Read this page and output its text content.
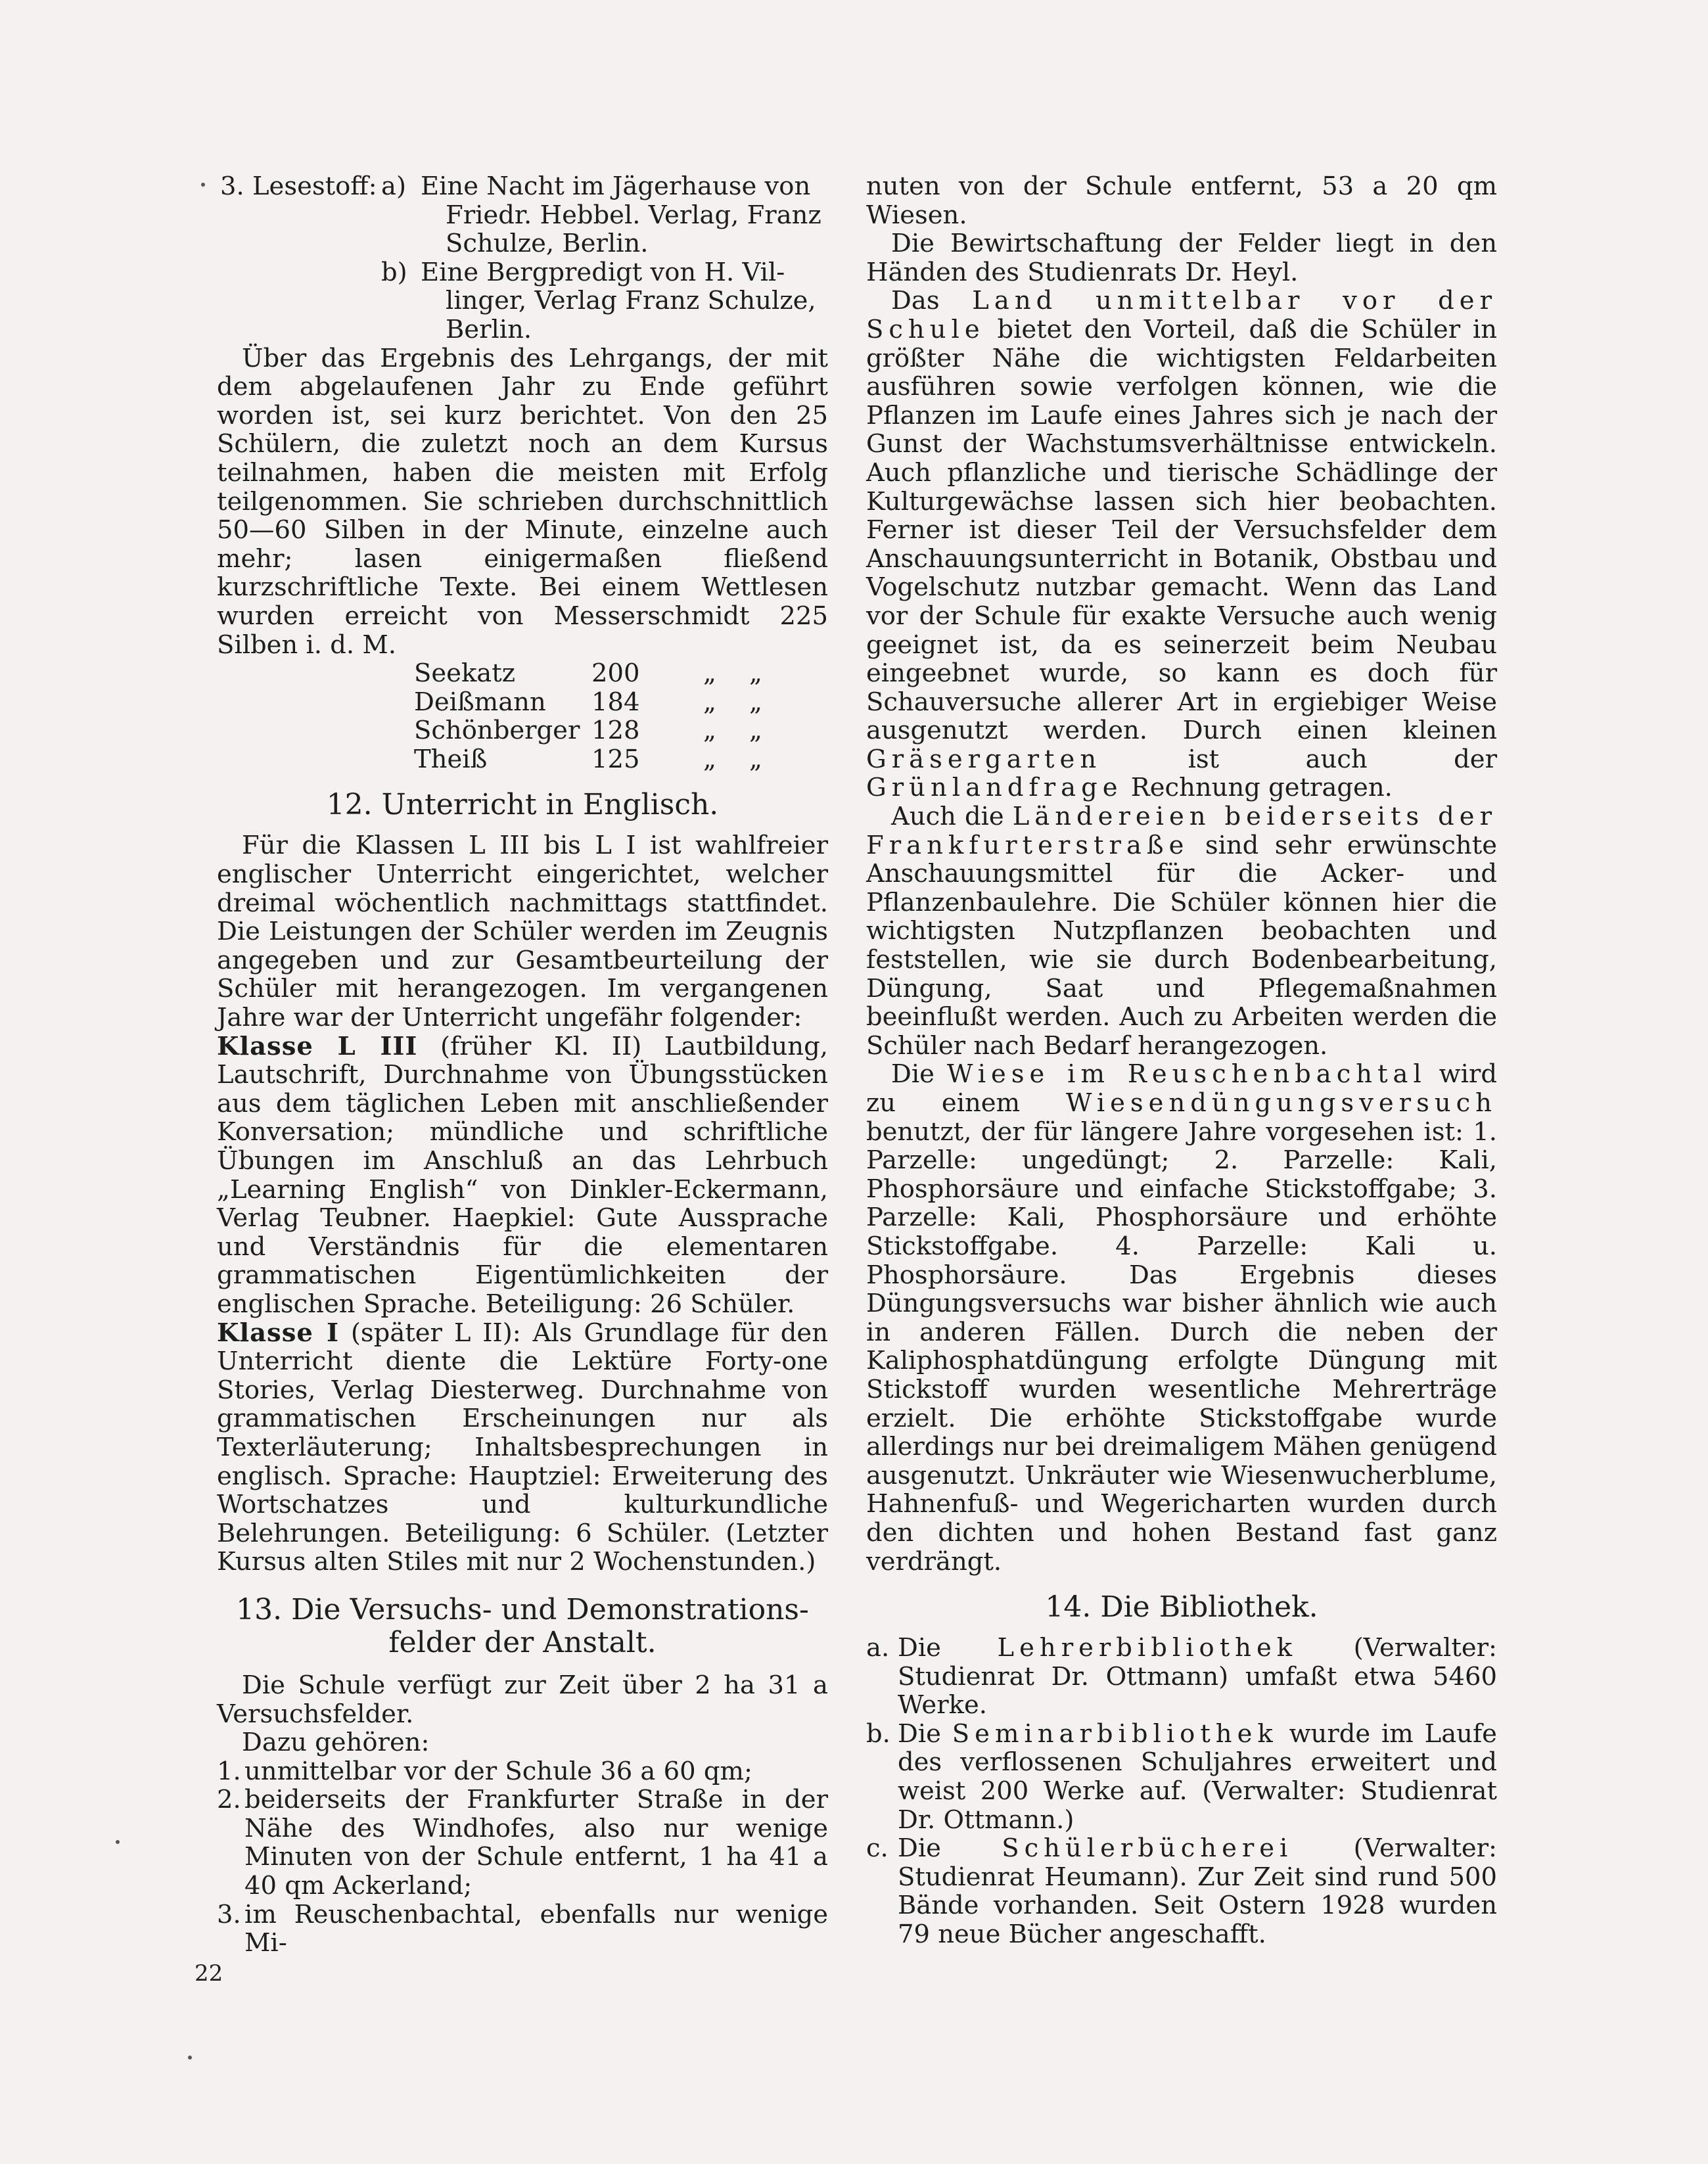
3. Lesestoff: a) Eine Nacht im Jägerhause von
Friedr. Hebbel. Verlag, Franz
Schulze, Berlin.
b) Eine Bergpredigt von H. Vil-
linger, Verlag Franz Schulze,
Berlin.

Über das Ergebnis des Lehrgangs, der mit dem abgelaufenen Jahr zu Ende geführt worden ist, sei kurz berichtet. Von den 25 Schülern, die zuletzt noch an dem Kursus teilnahmen, haben die meisten mit Erfolg teilgenommen. Sie schrieben durchschnittlich 50—60 Silben in der Minute, einzelne auch mehr; lasen einigermaßen fließend kurzschriftliche Texte. Bei einem Wettlesen wurden erreicht von Messerschmidt 225 Silben i. d. M.

Seekatz	200	„	„
Deißmann	184	„	„
Schönberger 128	„	„
Theiß	125	„	„
12. Unterricht in Englisch.

Für die Klassen L III bis L I ist wahlfreier englischer Unterricht eingerichtet, welcher dreimal wöchentlich nachmittags stattfindet. Die Leistungen der Schüler werden im Zeugnis angegeben und zur Gesamtbeurteilung der Schüler mit herangezogen. Im vergangenen Jahre war der Unterricht ungefähr folgender:

Klasse L III (früher Kl. II) Lautbildung, Lautschrift, Durchnahme von Übungsstücken aus dem täglichen Leben mit anschließender Konversation; mündliche und schriftliche Übungen im Anschluß an das Lehrbuch „Learning English“ von Dinkler-Eckermann, Verlag Teubner. Haepkiel: Gute Aussprache und Verständnis für die elementaren grammatischen Eigentümlichkeiten der englischen Sprache. Beteiligung: 26 Schüler.

Klasse I (später L II): Als Grundlage für den Unterricht diente die Lektüre Forty-one Stories, Verlag Diesterweg. Durchnahme von grammatischen Erscheinungen nur als Texterläuterung; Inhaltsbesprechungen in englisch. Sprache: Hauptziel: Erweiterung des Wortschatzes und kulturkundliche Belehrungen. Beteiligung: 6 Schüler. (Letzter Kursus alten Stiles mit nur 2 Wochenstunden.)

13. Die Versuchs- und Demonstrations-
felder der Anstalt.

Die Schule verfügt zur Zeit über 2 ha 31 a Versuchsfelder.

Dazu gehören:

1. unmittelbar vor der Schule 36 a 60 qm;
2. beiderseits der Frankfurter Straße in der Nähe des Windhofes, also nur wenige Minuten von der Schule entfernt, 1 ha 41 a 40 qm Ackerland;
3. im Reuschenbachtal, ebenfalls nur wenige Mi-

nuten von der Schule entfernt, 53 a 20 qm Wiesen.

Die Bewirtschaftung der Felder liegt in den Händen des Studienrats Dr. Heyl.

Das Land unmittelbar vor der Schule bietet den Vorteil, daß die Schüler in größter Nähe die wichtigsten Feldarbeiten ausführen sowie verfolgen können, wie die Pflanzen im Laufe eines Jahres sich je nach der Gunst der Wachstumsverhältnisse entwickeln. Auch pflanzliche und tierische Schädlinge der Kulturgewächse lassen sich hier beobachten. Ferner ist dieser Teil der Versuchsfelder dem Anschauungsunterricht in Botanik, Obstbau und Vogelschutz nutzbar gemacht. Wenn das Land vor der Schule für exakte Versuche auch wenig geeignet ist, da es seinerzeit beim Neubau eingeebnet wurde, so kann es doch für Schauversuche allerer Art in ergiebiger Weise ausgenutzt werden. Durch einen kleinen Gräsergarten	ist auch der Grünlandfrage Rechnung getragen.

Auch die Ländereien beiderseits der Frankfurterstraße sind sehr erwünschte Anschauungsmittel für die Acker- und Pflanzenbaulehre. Die Schüler können hier die wichtigsten Nutzpflanzen beobachten und feststellen, wie sie durch Bodenbearbeitung, Düngung, Saat und Pflegemaßnahmen beeinflußt werden. Auch zu Arbeiten werden die Schüler nach Bedarf herangezogen.

Die Wiese im Reuschenbachtal wird zu einem Wiesendüngungsversuch benutzt, der für längere Jahre vorgesehen ist: 1. Parzelle: ungedüngt; 2. Parzelle: Kali, Phosphorsäure und einfache Stickstoffgabe; 3. Parzelle: Kali, Phosphorsäure und erhöhte Stickstoffgabe. 4. Parzelle: Kali u. Phosphorsäure. Das Ergebnis dieses Düngungsversuchs war bisher ähnlich wie auch in anderen Fällen. Durch die neben der Kaliphosphatdüngung erfolgte Düngung mit Stickstoff wurden wesentliche Mehrerträge erzielt. Die erhöhte Stickstoffgabe wurde allerdings nur bei dreimaligem Mähen genügend ausgenutzt. Unkräuter wie Wiesenwucherblume, Hahnenfuß- und Wegericharten wurden durch den dichten und hohen Bestand fast ganz verdrängt.

14. Die Bibliothek.
a. Die Lehrerbibliothek (Verwalter: Studienrat Dr. Ottmann) umfaßt etwa 5460 Werke.
b. Die Seminarbibliothek wurde im Laufe des verflossenen Schuljahres erweitert und weist 200 Werke auf. (Verwalter: Studienrat Dr. Ottmann.)
c. Die Schülerbücherei (Verwalter: Studienrat Heumann). Zur Zeit sind rund 500 Bände vorhanden. Seit Ostern 1928 wurden 79 neue Bücher angeschafft.
22
